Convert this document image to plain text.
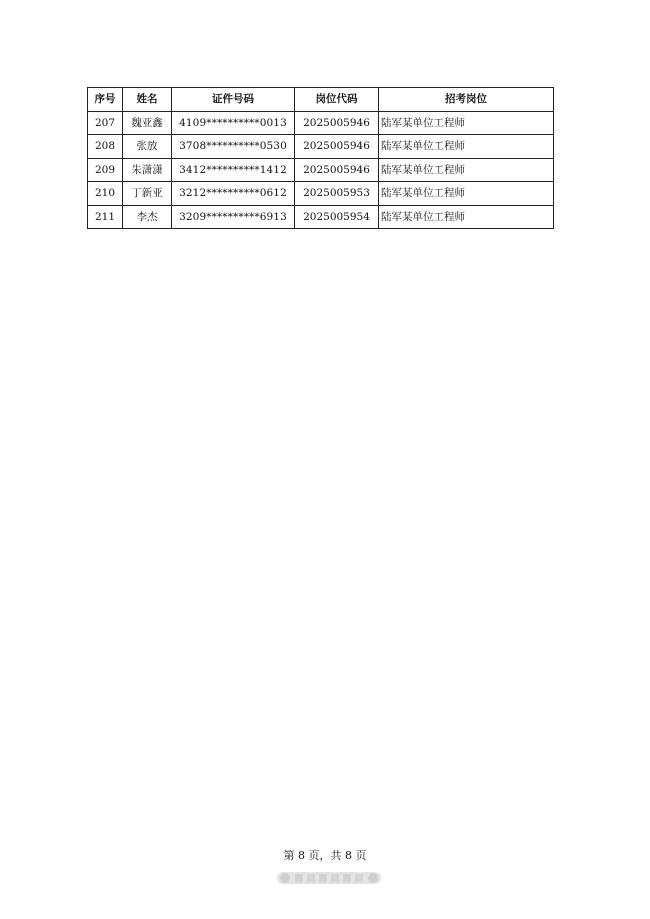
序号	姓名	证件号码	岗位代码	招考岗位
207	魏亚鑫	4109**********0013	2025005946	陆军某单位工程师
208	张放	3708**********0530	2025005946	陆军某单位工程师
209	朱潇潇	3412**********1412	2025005946	陆军某单位工程师
210	丁新亚	3212**********0612	2025005953	陆军某单位工程师
211	李杰	3209**********6913	2025005954	陆军某单位工程师
第 8 页，共 8 页
